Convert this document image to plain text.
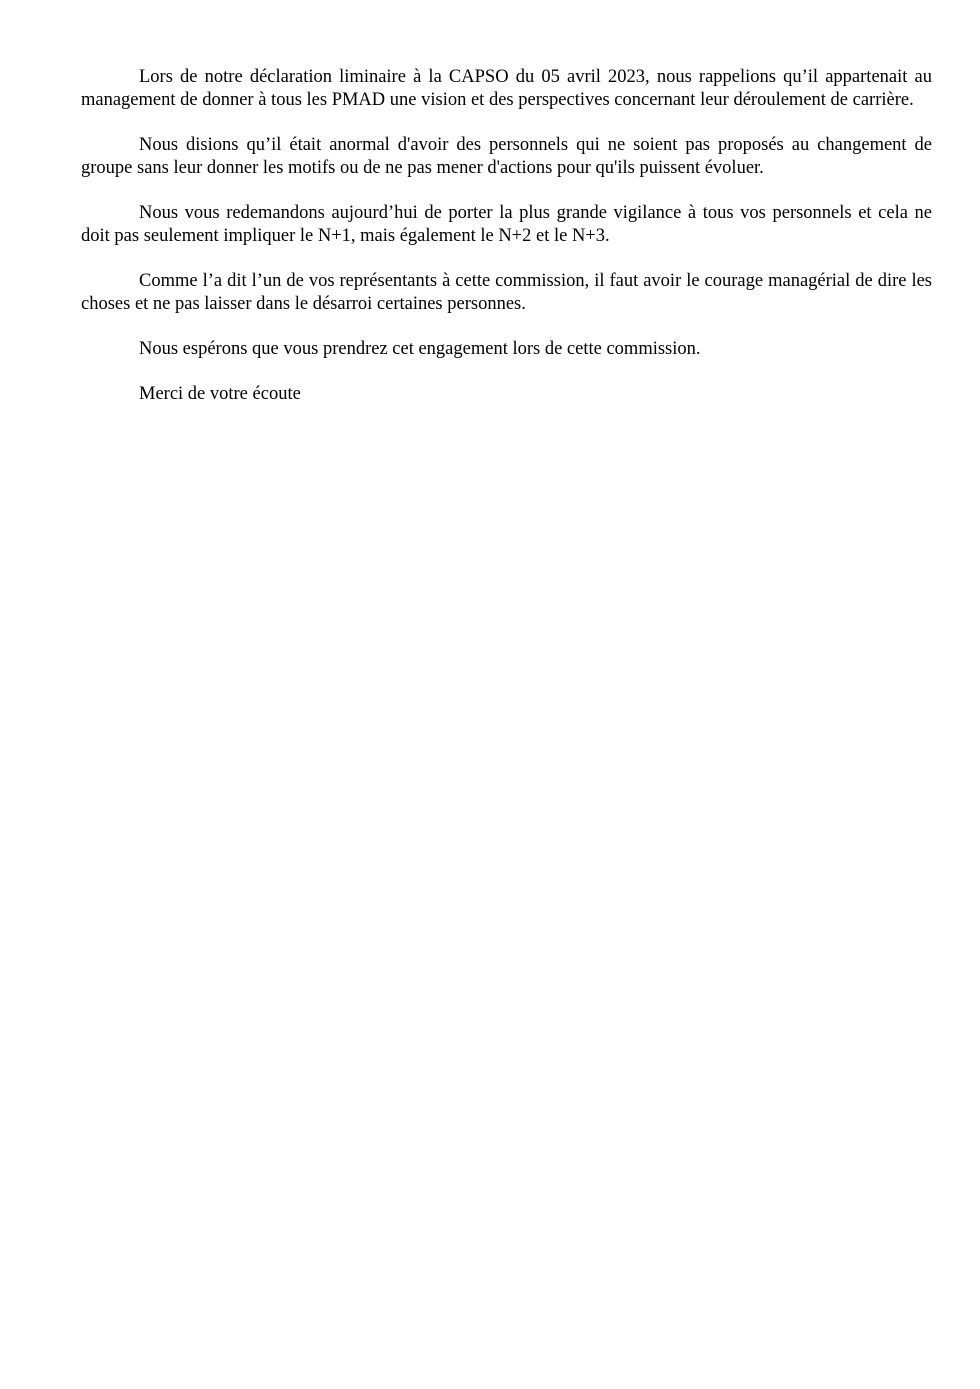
Lors de notre déclaration liminaire à la CAPSO du 05 avril 2023, nous rappelions qu’il appartenait au management de donner à tous les PMAD une vision et des perspectives concernant leur déroulement de carrière.

Nous disions qu’il était anormal d'avoir des personnels qui ne soient pas proposés au changement de groupe sans leur donner les motifs ou de ne pas mener d'actions pour qu'ils puissent évoluer.

Nous vous redemandons aujourd’hui de porter la plus grande vigilance à tous vos personnels et cela ne doit pas seulement impliquer le N+1, mais également le N+2 et le N+3.

Comme l’a dit l’un de vos représentants à cette commission, il faut avoir le courage managérial de dire les choses et ne pas laisser dans le désarroi certaines personnes.

Nous espérons que vous prendrez cet engagement lors de cette commission.

Merci de votre écoute
